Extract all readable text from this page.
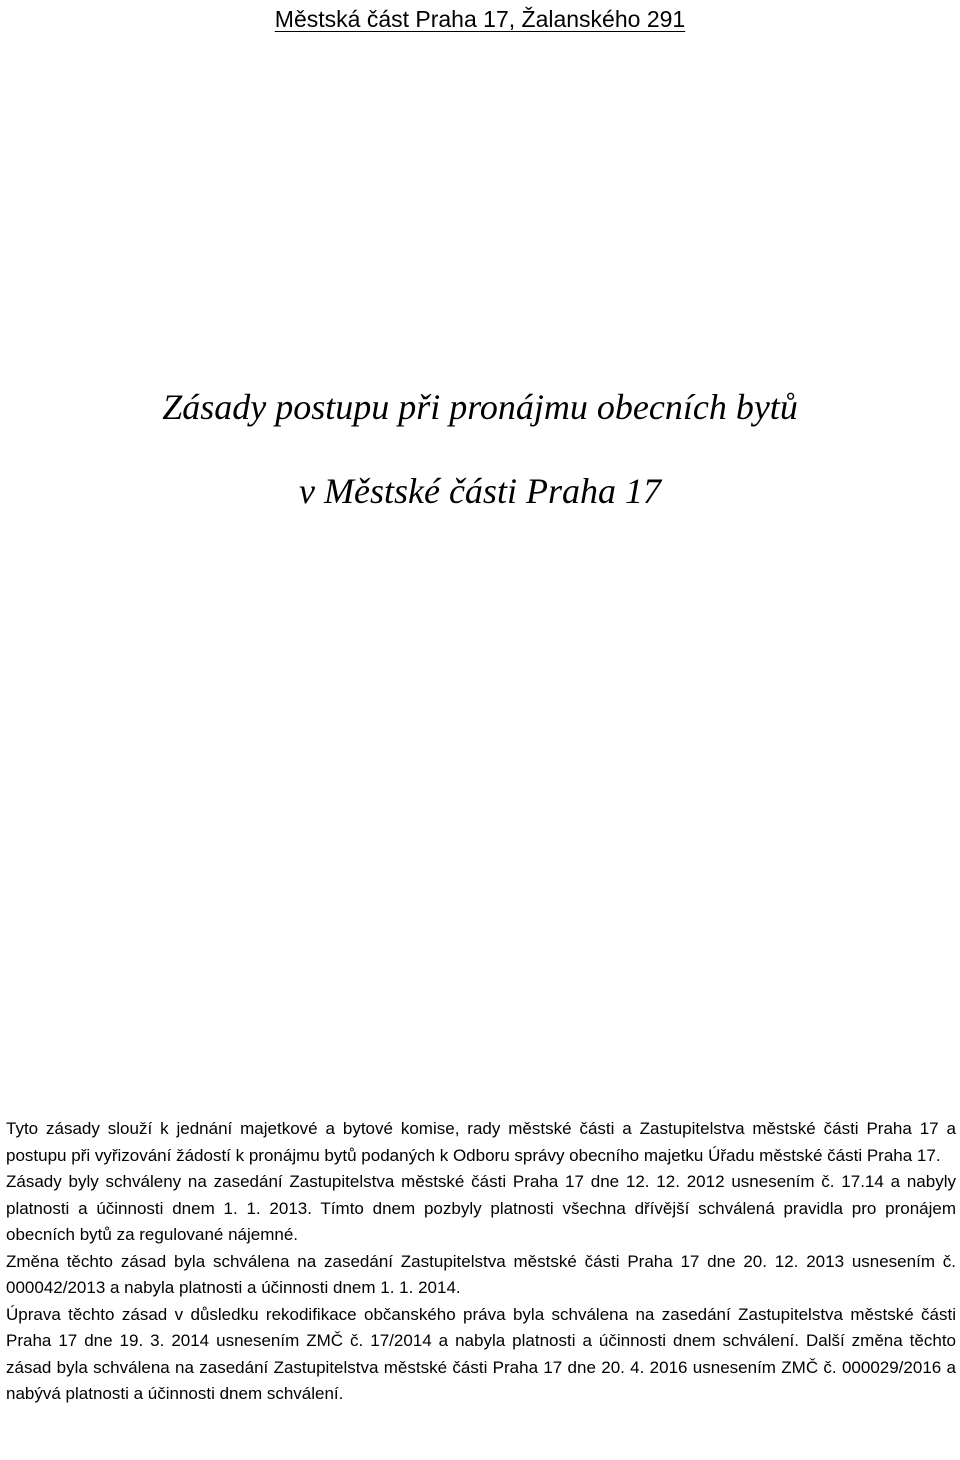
Městská část Praha 17, Žalanského 291
Zásady postupu při pronájmu obecních bytů
v Městské části Praha 17

Tyto zásady slouží k jednání majetkové a bytové komise, rady městské části a Zastupitelstva městské části Praha 17 a postupu při vyřizování žádostí k pronájmu bytů podaných k Odboru správy obecního majetku Úřadu městské části Praha 17.

Zásady byly schváleny na zasedání Zastupitelstva městské části Praha 17 dne 12. 12. 2012 usnesením č. 17.14 a nabyly platnosti a účinnosti dnem 1. 1. 2013. Tímto dnem pozbyly platnosti všechna dřívější schválená pravidla pro pronájem obecních bytů za regulované nájemné.

Změna těchto zásad byla schválena na zasedání Zastupitelstva městské části Praha 17 dne 20. 12. 2013 usnesením č. 000042/2013 a nabyla platnosti a účinnosti dnem 1. 1. 2014.

Úprava těchto zásad v důsledku rekodifikace občanského práva byla schválena na zasedání Zastupitelstva městské části Praha 17 dne 19. 3. 2014 usnesením ZMČ č. 17/2014 a nabyla platnosti a účinnosti dnem schválení. Další změna těchto zásad byla schválena na zasedání Zastupitelstva městské části Praha 17 dne 20. 4. 2016 usnesením ZMČ č. 000029/2016 a nabývá platnosti a účinnosti dnem schválení.
